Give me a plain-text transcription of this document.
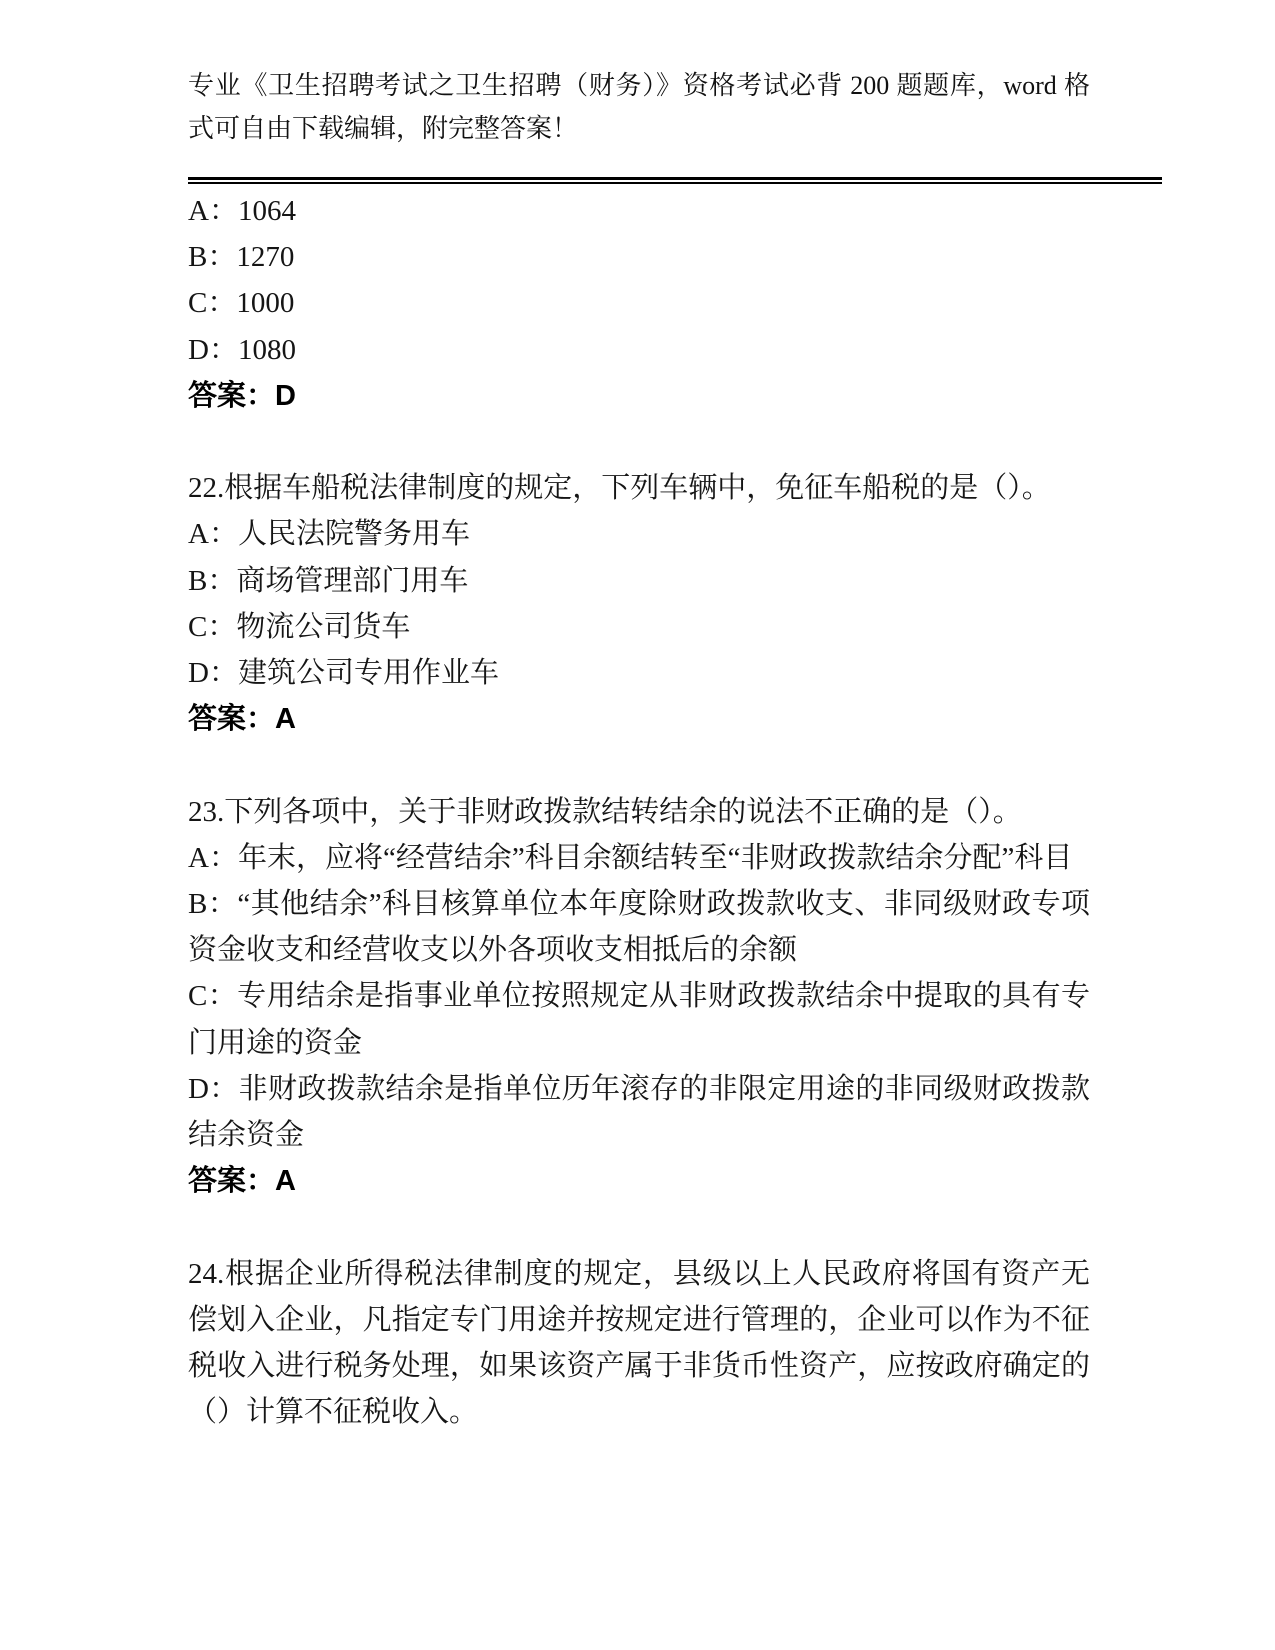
专业《卫生招聘考试之卫生招聘（财务）》资格考试必背 200 题题库，word 格式可自由下载编辑，附完整答案！

A：1064

B：1270

C：1000

D：1080

答案：D

22.根据车船税法律制度的规定，下列车辆中，免征车船税的是（）。

A：人民法院警务用车

B：商场管理部门用车

C：物流公司货车

D：建筑公司专用作业车

答案：A

23.下列各项中，关于非财政拨款结转结余的说法不正确的是（）。

A：年末，应将“经营结余”科目余额结转至“非财政拨款结余分配”科目

B：“其他结余”科目核算单位本年度除财政拨款收支、非同级财政专项资金收支和经营收支以外各项收支相抵后的余额

C：专用结余是指事业单位按照规定从非财政拨款结余中提取的具有专门用途的资金

D：非财政拨款结余是指单位历年滚存的非限定用途的非同级财政拨款结余资金

答案：A

24.根据企业所得税法律制度的规定，县级以上人民政府将国有资产无偿划入企业，凡指定专门用途并按规定进行管理的，企业可以作为不征税收入进行税务处理，如果该资产属于非货币性资产，应按政府确定的（）计算不征税收入。
